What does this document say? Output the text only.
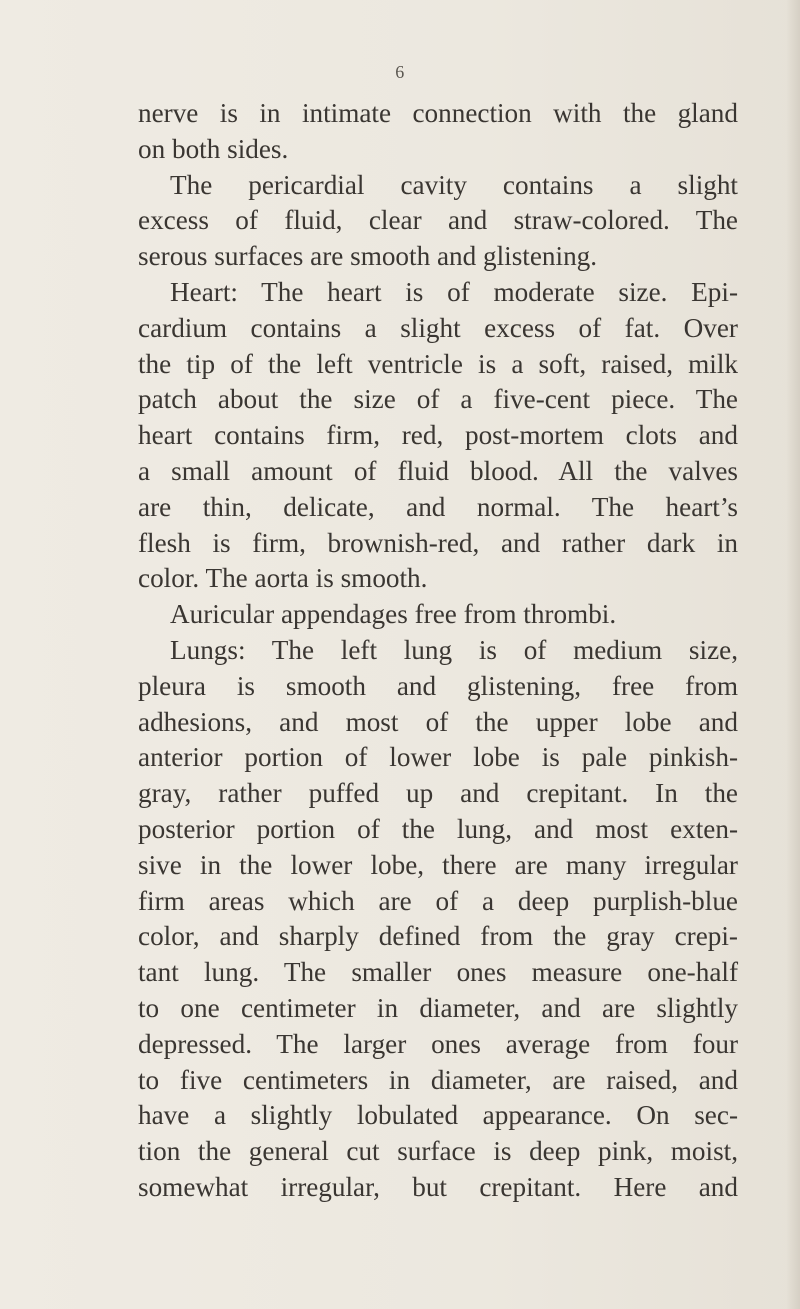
6
nerve is in intimate connection with the gland
on both sides.
The pericardial cavity contains a slight
excess of fluid, clear and straw-colored. The
serous surfaces are smooth and glistening.
Heart: The heart is of moderate size. Epi-
cardium contains a slight excess of fat. Over
the tip of the left ventricle is a soft, raised, milk
patch about the size of a five-cent piece. The
heart contains firm, red, post-mortem clots and
a small amount of fluid blood. All the valves
are thin, delicate, and normal. The heart’s
flesh is firm, brownish-red, and rather dark in
color. The aorta is smooth.
Auricular appendages free from thrombi.
Lungs: The left lung is of medium size,
pleura is smooth and glistening, free from
adhesions, and most of the upper lobe and
anterior portion of lower lobe is pale pinkish-
gray, rather puffed up and crepitant. In the
posterior portion of the lung, and most exten-
sive in the lower lobe, there are many irregular
firm areas which are of a deep purplish-blue
color, and sharply defined from the gray crepi-
tant lung. The smaller ones measure one-half
to one centimeter in diameter, and are slightly
depressed. The larger ones average from four
to five centimeters in diameter, are raised, and
have a slightly lobulated appearance. On sec-
tion the general cut surface is deep pink, moist,
somewhat irregular, but crepitant. Here and
